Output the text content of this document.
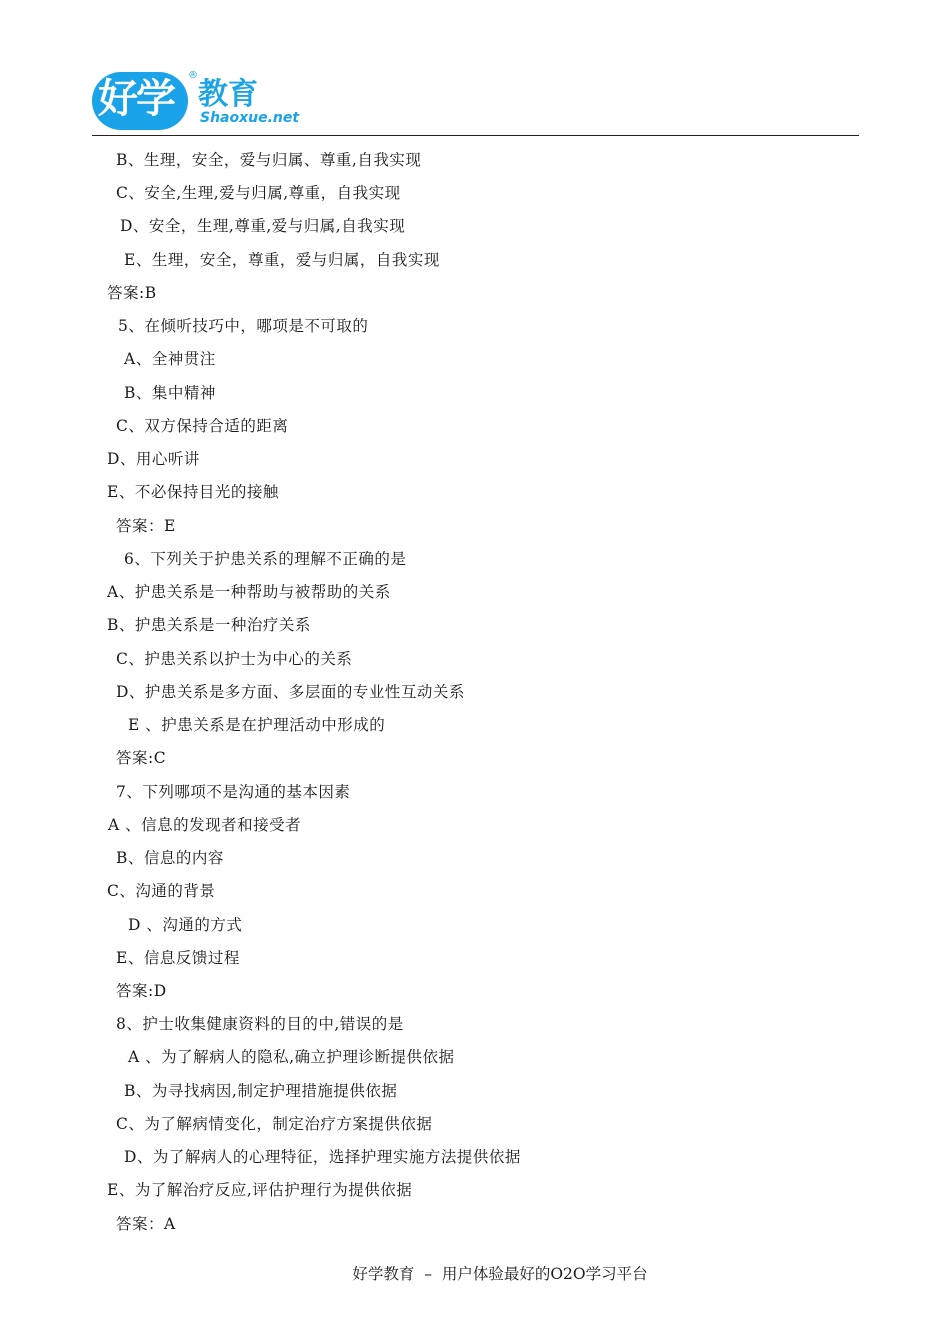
好学
®
教育
Shaoxue.net
B、生理，安全，爱与归属、尊重,自我实现
C、安全,生理,爱与归属,尊重，自我实现
D、安全，生理,尊重,爱与归属,自我实现
E、生理，安全，尊重，爱与归属，自我实现
答案:B
5、在倾听技巧中，哪项是不可取的
A、全神贯注
B、集中精神
C、双方保持合适的距离
D、用心听讲
E、不必保持目光的接触
答案：E
6、下列关于护患关系的理解不正确的是
A、护患关系是一种帮助与被帮助的关系
B、护患关系是一种治疗关系
C、护患关系以护士为中心的关系
D、护患关系是多方面、多层面的专业性互动关系
E 、护患关系是在护理活动中形成的
答案:C
7、下列哪项不是沟通的基本因素
A 、信息的发现者和接受者
B、信息的内容
C、沟通的背景
D 、沟通的方式
E、信息反馈过程
答案:D
8、护士收集健康资料的目的中,错误的是
A 、为了解病人的隐私,确立护理诊断提供依据
B、为寻找病因,制定护理措施提供依据
C、为了解病情变化，制定治疗方案提供依据
D、为了解病人的心理特征，选择护理实施方法提供依据
E、为了解治疗反应,评估护理行为提供依据
答案：A
好学教育  –  用户体验最好的O2O学习平台
